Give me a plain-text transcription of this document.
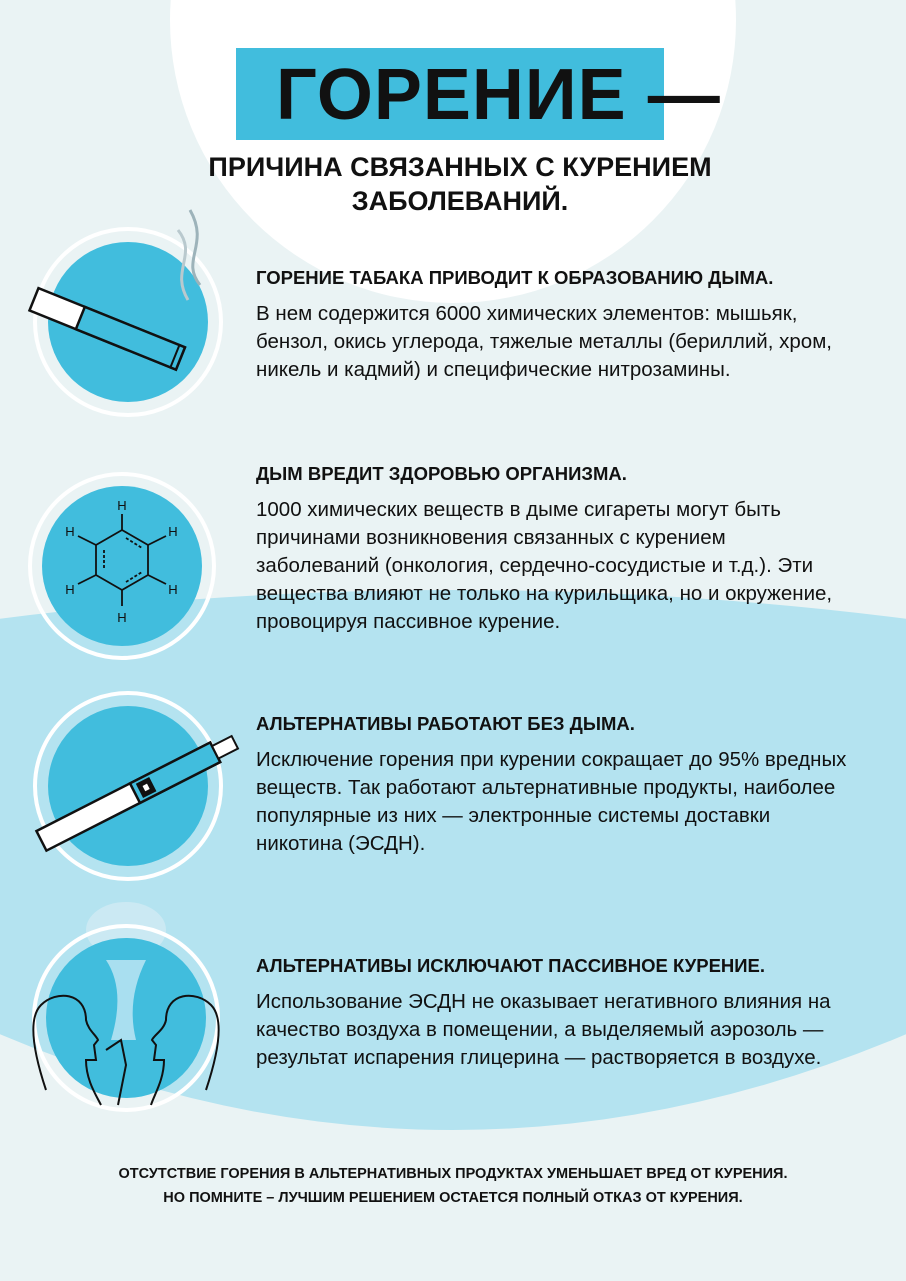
ГОРЕНИЕ —
ПРИЧИНА СВЯЗАННЫХ С КУРЕНИЕМ
ЗАБОЛЕВАНИЙ.
H
H
H
H
H
H
ГОРЕНИЕ ТАБАКА ПРИВОДИТ К ОБРАЗОВАНИЮ ДЫМА.

В нем содержится 6000 химических элементов: мышьяк, бензол, окись углерода, тяжелые металлы (бериллий, хром, никель и кадмий) и специфические нитрозамины.

ДЫМ ВРЕДИТ ЗДОРОВЬЮ ОРГАНИЗМА.

1000 химических веществ в дыме сигареты могут быть причинами возникновения связанных с курением заболеваний (онкология, сердечно-сосудистые и т.д.). Эти вещества влияют не только на курильщика, но и окружение, провоцируя пассивное курение.

АЛЬТЕРНАТИВЫ РАБОТАЮТ БЕЗ ДЫМА.

Исключение горения при курении сокращает до 95% вредных веществ. Так работают альтернативные продукты, наиболее популярные из них — электронные системы доставки никотина (ЭСДН).

АЛЬТЕРНАТИВЫ ИСКЛЮЧАЮТ ПАССИВНОЕ КУРЕНИЕ.

Использование ЭСДН не оказывает негативного влияния на качество воздуха в помещении, а выделяемый аэрозоль — результат испарения глицерина — растворяется в воздухе.

ОТСУТСТВИЕ ГОРЕНИЯ В АЛЬТЕРНАТИВНЫХ ПРОДУКТАХ УМЕНЬШАЕТ ВРЕД ОТ КУРЕНИЯ.
НО ПОМНИТЕ – ЛУЧШИМ РЕШЕНИЕМ ОСТАЕТСЯ ПОЛНЫЙ ОТКАЗ ОТ КУРЕНИЯ.
